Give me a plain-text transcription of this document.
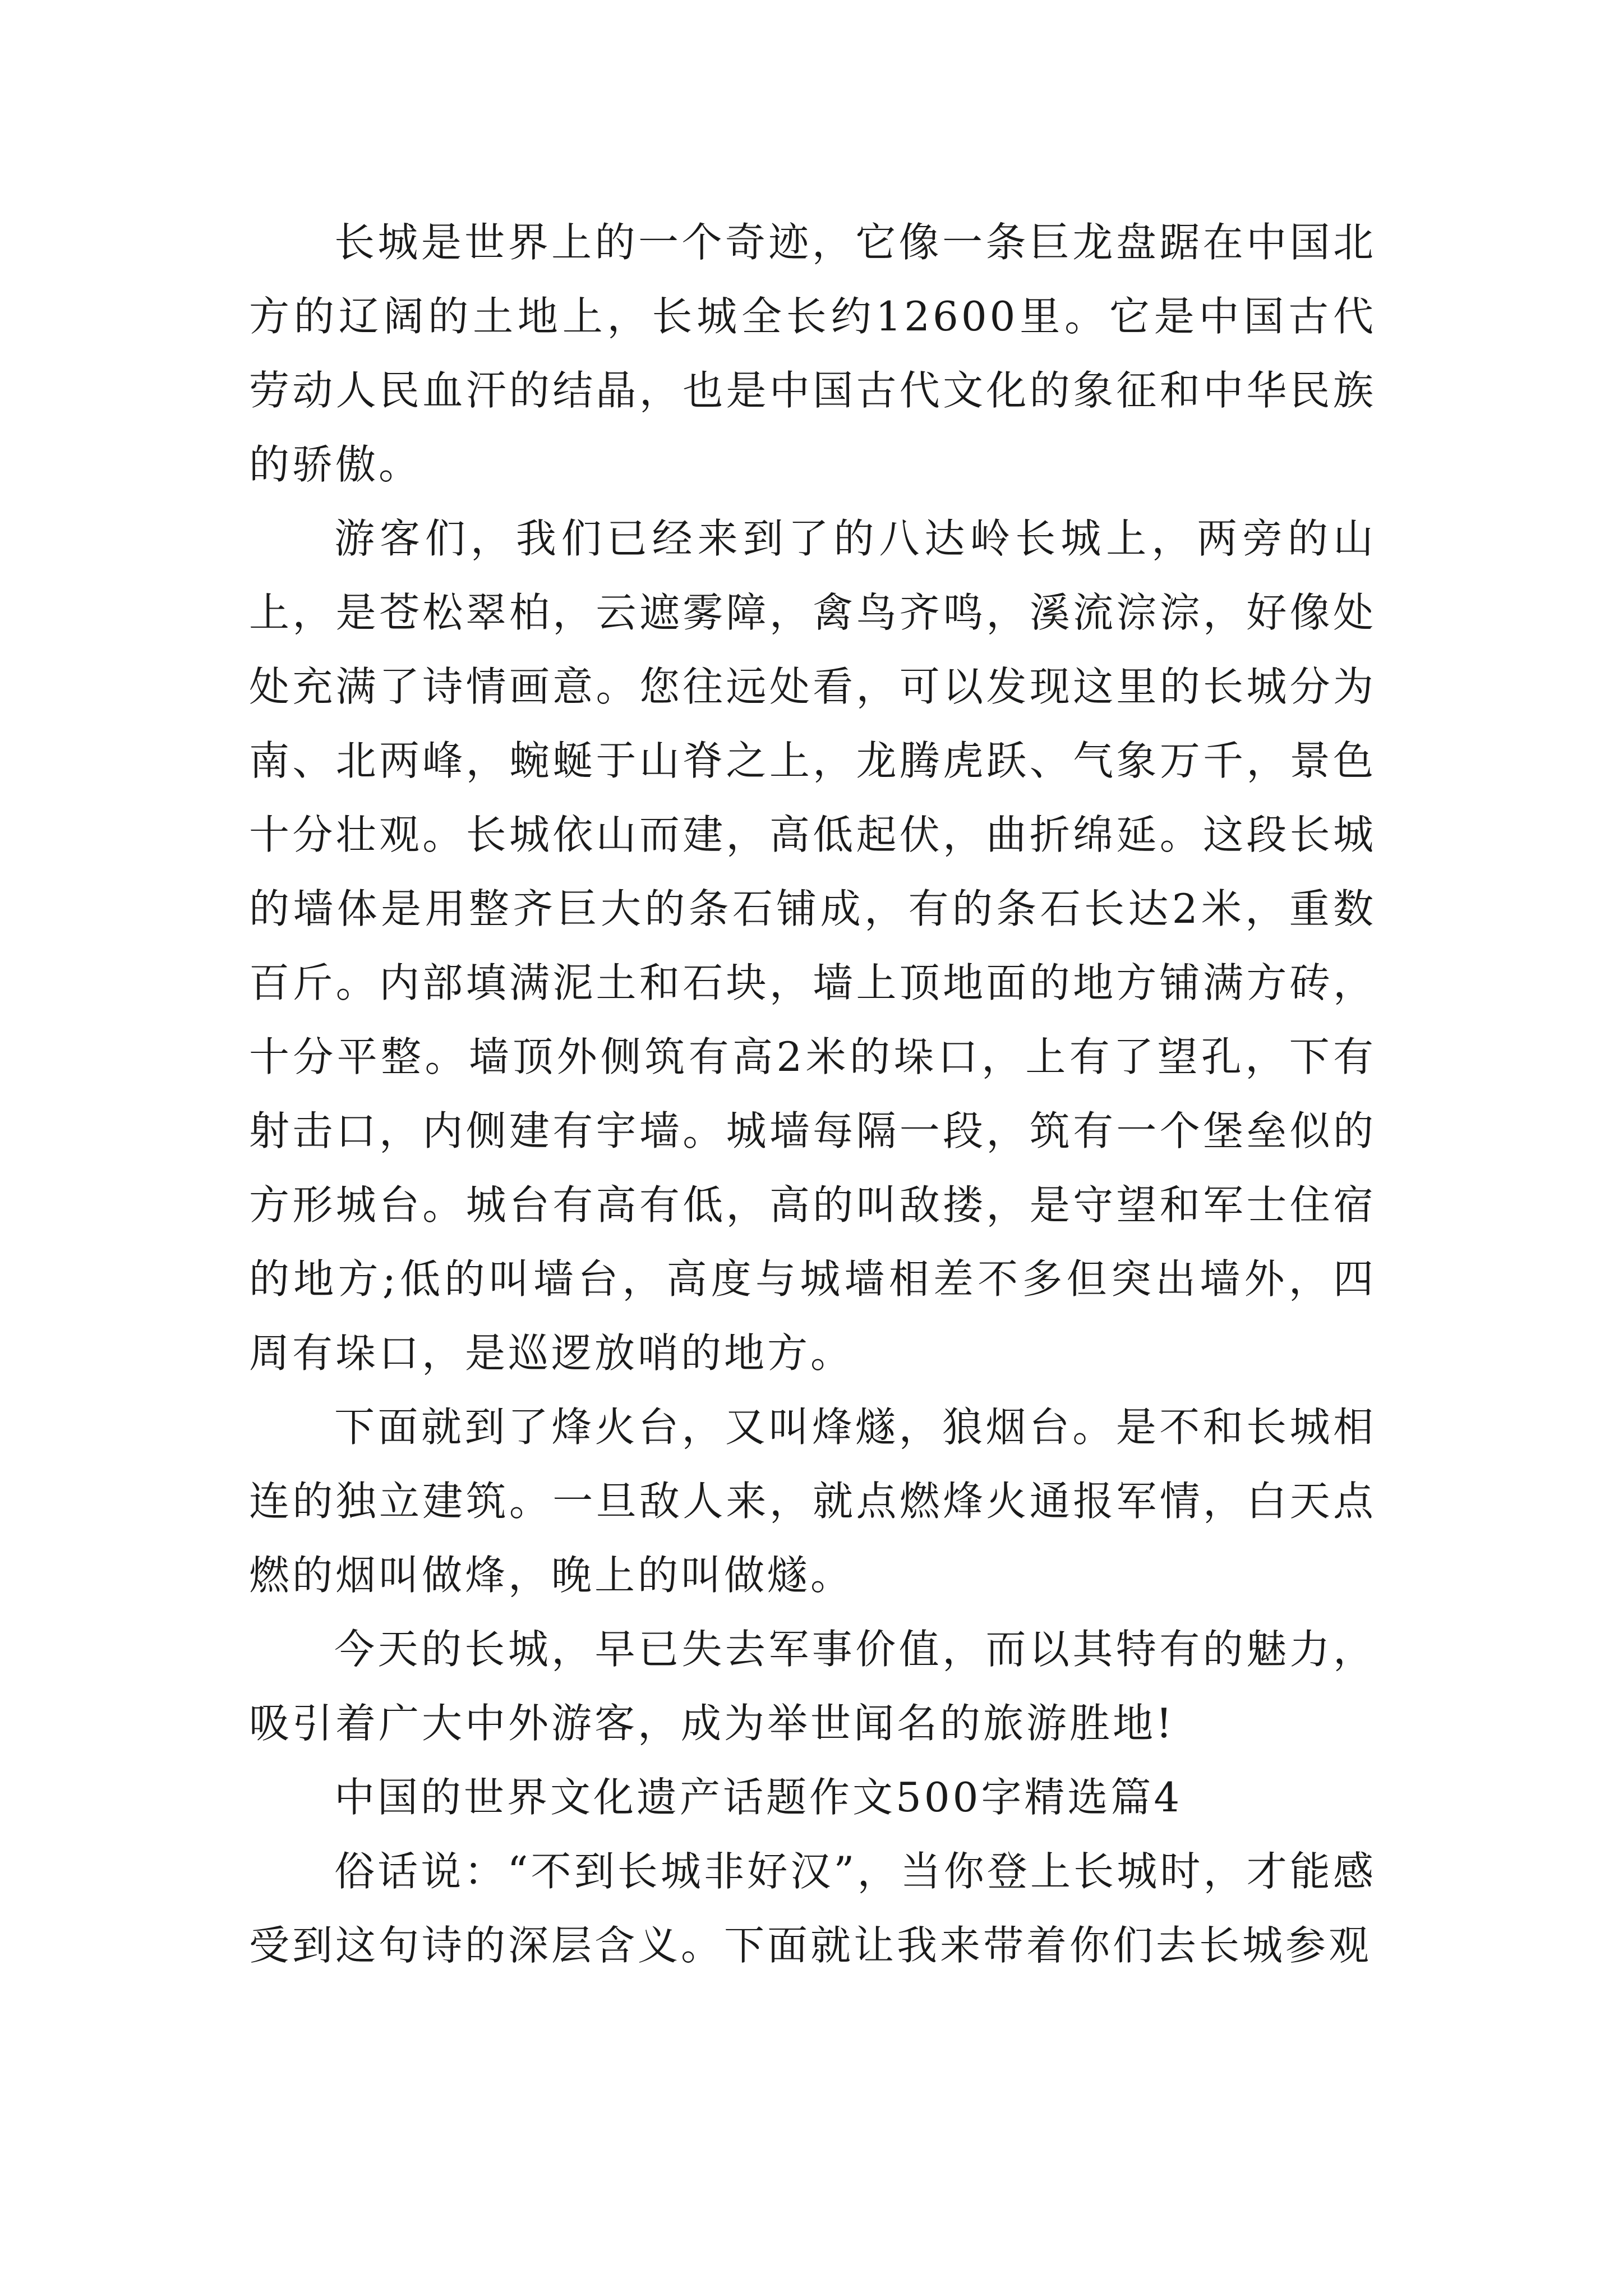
长城是世界上的一个奇迹，它像一条巨龙盘踞在中国北方的辽阔的土地上，长城全长约12600里。它是中国古代劳动人民血汗的结晶，也是中国古代文化的象征和中华民族的骄傲。

游客们，我们已经来到了的八达岭长城上，两旁的山上，是苍松翠柏，云遮雾障，禽鸟齐鸣，溪流淙淙，好像处处充满了诗情画意。您往远处看，可以发现这里的长城分为南、北两峰，蜿蜒于山脊之上，龙腾虎跃、气象万千，景色十分壮观。长城依山而建，高低起伏，曲折绵延。这段长城的墙体是用整齐巨大的条石铺成，有的条石长达2米，重数百斤。内部填满泥土和石块，墙上顶地面的地方铺满方砖，十分平整。墙顶外侧筑有高2米的垛口，上有了望孔，下有射击口，内侧建有宇墙。城墙每隔一段，筑有一个堡垒似的方形城台。城台有高有低，高的叫敌搂，是守望和军士住宿的地方;低的叫墙台，高度与城墙相差不多但突出墙外，四周有垛口，是巡逻放哨的地方。

下面就到了烽火台，又叫烽燧，狼烟台。是不和长城相连的独立建筑。一旦敌人来，就点燃烽火通报军情，白天点燃的烟叫做烽，晚上的叫做燧。

今天的长城，早已失去军事价值，而以其特有的魅力，吸引着广大中外游客，成为举世闻名的旅游胜地!

中国的世界文化遗产话题作文500字精选篇4

俗话说：“不到长城非好汉”，当你登上长城时，才能感受到这句诗的深层含义。下面就让我来带着你们去长城参观
